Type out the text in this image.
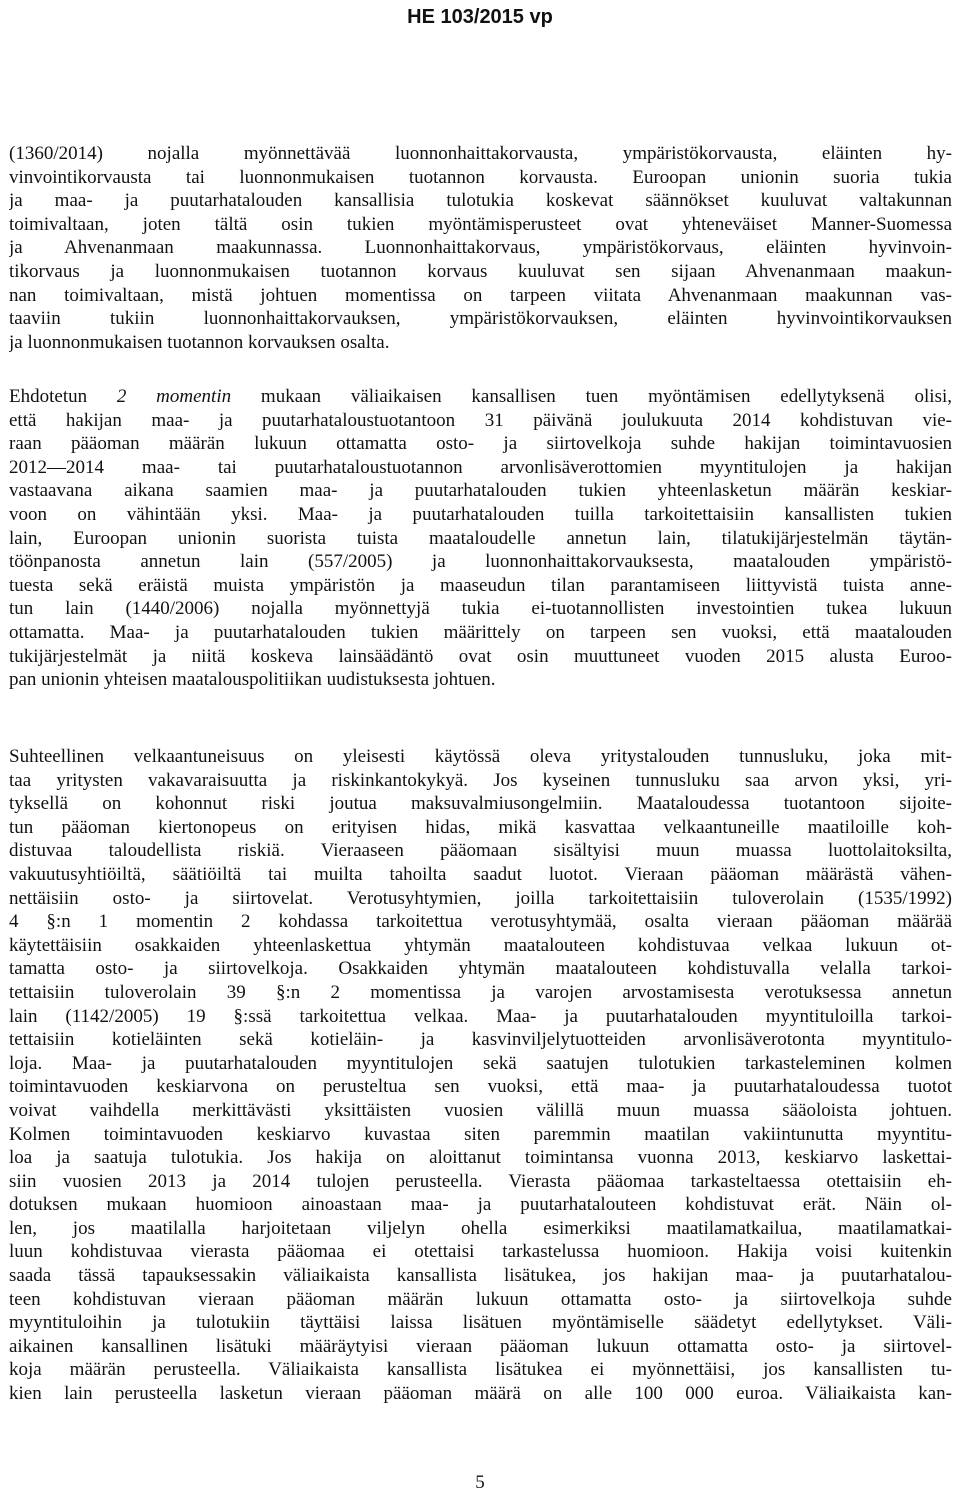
HE 103/2015 vp
(1360/2014) nojalla myönnettävää luonnonhaittakorvausta, ympäristökorvausta, eläinten hy-
vinvointikorvausta tai luonnonmukaisen tuotannon korvausta. Euroopan unionin suoria tukia
ja maa- ja puutarhatalouden kansallisia tulotukia koskevat säännökset kuuluvat valtakunnan
toimivaltaan, joten tältä osin tukien myöntämisperusteet ovat yhteneväiset Manner-Suomessa
ja Ahvenanmaan maakunnassa. Luonnonhaittakorvaus, ympäristökorvaus, eläinten hyvinvoin-
tikorvaus ja luonnonmukaisen tuotannon korvaus kuuluvat sen sijaan Ahvenanmaan maakun-
nan toimivaltaan, mistä johtuen momentissa on tarpeen viitata Ahvenanmaan maakunnan vas-
taaviin tukiin luonnonhaittakorvauksen, ympäristökorvauksen, eläinten hyvinvointikorvauksen
ja luonnonmukaisen tuotannon korvauksen osalta.
Ehdotetun 2 momentin mukaan väliaikaisen kansallisen tuen myöntämisen edellytyksenä olisi,
että hakijan maa- ja puutarhataloustuotantoon 31 päivänä joulukuuta 2014 kohdistuvan vie-
raan pääoman määrän lukuun ottamatta osto- ja siirtovelkoja suhde hakijan toimintavuosien
2012—2014 maa- tai puutarhataloustuotannon arvonlisäverottomien myyntitulojen ja hakijan
vastaavana aikana saamien maa- ja puutarhatalouden tukien yhteenlasketun määrän keskiar-
voon on vähintään yksi. Maa- ja puutarhatalouden tuilla tarkoitettaisiin kansallisten tukien
lain, Euroopan unionin suorista tuista maataloudelle annetun lain, tilatukijärjestelmän täytän-
töönpanosta annetun lain (557/2005) ja luonnonhaittakorvauksesta, maatalouden ympäristö-
tuesta sekä eräistä muista ympäristön ja maaseudun tilan parantamiseen liittyvistä tuista anne-
tun lain (1440/2006) nojalla myönnettyjä tukia ei-tuotannollisten investointien tukea lukuun
ottamatta. Maa- ja puutarhatalouden tukien määrittely on tarpeen sen vuoksi, että maatalouden
tukijärjestelmät ja niitä koskeva lainsäädäntö ovat osin muuttuneet vuoden 2015 alusta Euroo-
pan unionin yhteisen maatalouspolitiikan uudistuksesta johtuen.
Suhteellinen velkaantuneisuus on yleisesti käytössä oleva yritystalouden tunnusluku, joka mit-
taa yritysten vakavaraisuutta ja riskinkantokykyä. Jos kyseinen tunnusluku saa arvon yksi, yri-
tyksellä on kohonnut riski joutua maksuvalmiusongelmiin. Maataloudessa tuotantoon sijoite-
tun pääoman kiertonopeus on erityisen hidas, mikä kasvattaa velkaantuneille maatiloille koh-
distuvaa taloudellista riskiä. Vieraaseen pääomaan sisältyisi muun muassa luottolaitoksilta,
vakuutusyhtiöiltä, säätiöiltä tai muilta tahoilta saadut luotot. Vieraan pääoman määrästä vähen-
nettäisiin osto- ja siirtovelat. Verotusyhtymien, joilla tarkoitettaisiin tuloverolain (1535/1992)
4 §:n 1 momentin 2 kohdassa tarkoitettua verotusyhtymää, osalta vieraan pääoman määrää
käytettäisiin osakkaiden yhteenlaskettua yhtymän maatalouteen kohdistuvaa velkaa lukuun ot-
tamatta osto- ja siirtovelkoja. Osakkaiden yhtymän maatalouteen kohdistuvalla velalla tarkoi-
tettaisiin tuloverolain 39 §:n 2 momentissa ja varojen arvostamisesta verotuksessa annetun
lain (1142/2005) 19 §:ssä tarkoitettua velkaa. Maa- ja puutarhatalouden myyntituloilla tarkoi-
tettaisiin kotieläinten sekä kotieläin- ja kasvinviljelytuotteiden arvonlisäverotonta myyntitulo-
loja. Maa- ja puutarhatalouden myyntitulojen sekä saatujen tulotukien tarkasteleminen kolmen
toimintavuoden keskiarvona on perusteltua sen vuoksi, että maa- ja puutarhataloudessa tuotot
voivat vaihdella merkittävästi yksittäisten vuosien välillä muun muassa sääoloista johtuen.
Kolmen toimintavuoden keskiarvo kuvastaa siten paremmin maatilan vakiintunutta myyntitu-
loa ja saatuja tulotukia. Jos hakija on aloittanut toimintansa vuonna 2013, keskiarvo laskettai-
siin vuosien 2013 ja 2014 tulojen perusteella. Vierasta pääomaa tarkasteltaessa otettaisiin eh-
dotuksen mukaan huomioon ainoastaan maa- ja puutarhatalouteen kohdistuvat erät. Näin ol-
len, jos maatilalla harjoitetaan viljelyn ohella esimerkiksi maatilamatkailua, maatilamatkai-
luun kohdistuvaa vierasta pääomaa ei otettaisi tarkastelussa huomioon. Hakija voisi kuitenkin
saada tässä tapauksessakin väliaikaista kansallista lisätukea, jos hakijan maa- ja puutarhatalou-
teen kohdistuvan vieraan pääoman määrän lukuun ottamatta osto- ja siirtovelkoja suhde
myyntituloihin ja tulotukiin täyttäisi laissa lisätuen myöntämiselle säädetyt edellytykset. Väli-
aikainen kansallinen lisätuki määräytyisi vieraan pääoman lukuun ottamatta osto- ja siirtovel-
koja määrän perusteella. Väliaikaista kansallista lisätukea ei myönnettäisi, jos kansallisten tu-
kien lain perusteella lasketun vieraan pääoman määrä on alle 100 000 euroa. Väliaikaista kan-
5
